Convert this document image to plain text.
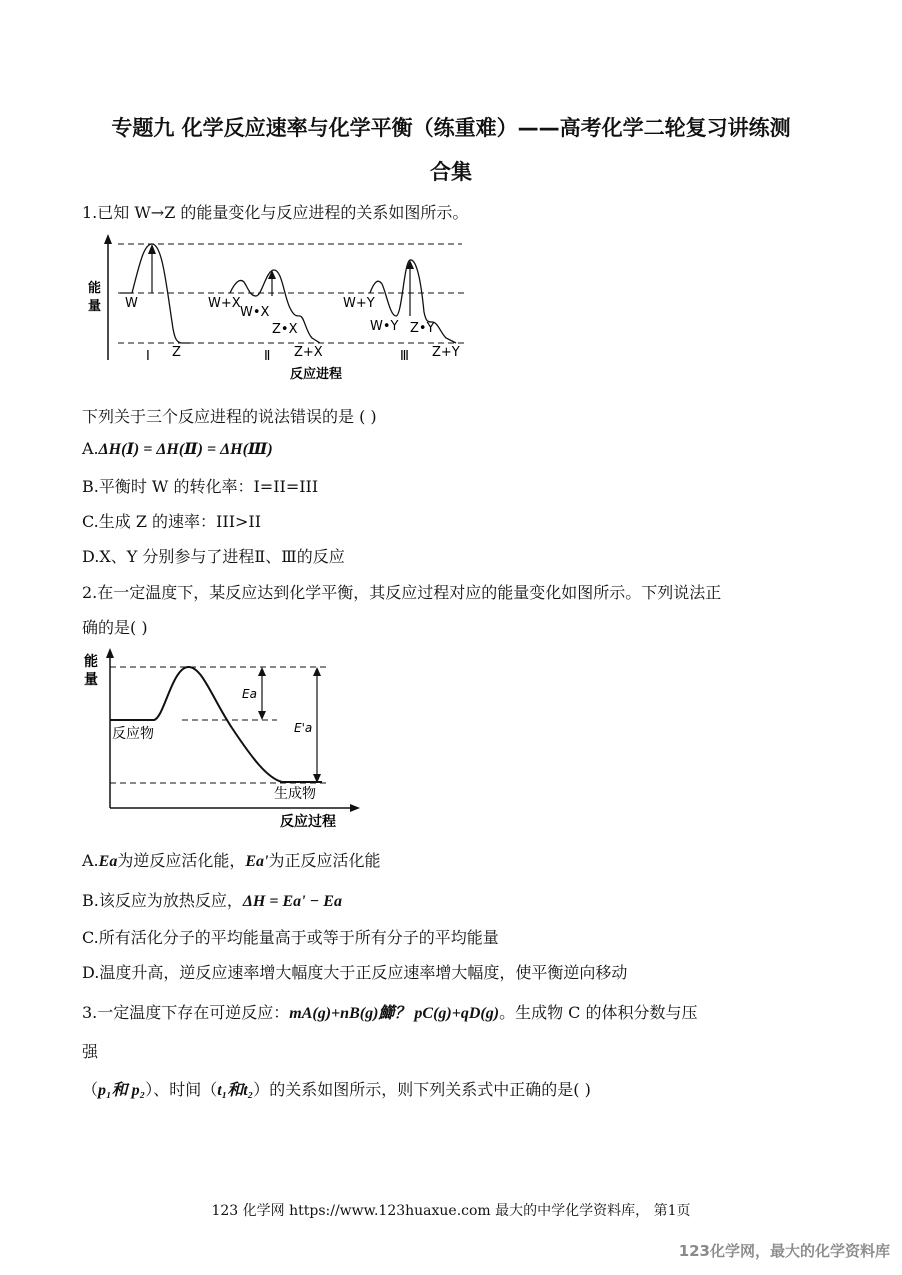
专题九 化学反应速率与化学平衡（练重难）——高考化学二轮复习讲练测
合集
1.已知 W→Z 的能量变化与反应进程的关系如图所示。
能
量 W
Z
W+X
W•X
Z•X
Z+X
W+Y
W•Y Z•Y
Z+Y
I	Ⅱ	Ⅲ
反应进程
下列关于三个反应进程的说法错误的是 ( )
A.ΔH(Ⅰ) = ΔH(Ⅱ) = ΔH(Ⅲ)
B.平衡时 W 的转化率：I=II=III
C.生成 Z 的速率：III>II
D.X、Y 分别参与了进程Ⅱ、Ⅲ的反应
2.在一定温度下，某反应达到化学平衡，其反应过程对应的能量变化如图所示。下列说法正
确的是( )
能
量
反应物
生成物
Ea
E'a
反应过程
A.Ea为逆反应活化能，Ea'为正反应活化能
B.该反应为放热反应，ΔH = Ea' − Ea
C.所有活化分子的平均能量高于或等于所有分子的平均能量
D.温度升高，逆反应速率增大幅度大于正反应速率增大幅度，使平衡逆向移动
3.一定温度下存在可逆反应：mA(g)+nB(g)䲙？ pC(g)+qD(g)。生成物 C 的体积分数与压
强
（p₁和 p₂）、时间（t₁和t₂）的关系如图所示，则下列关系式中正确的是( )
123 化学网 https://www.123huaxue.com 最大的中学化学资料库， 第1页
123化学网，最大的化学资料库
